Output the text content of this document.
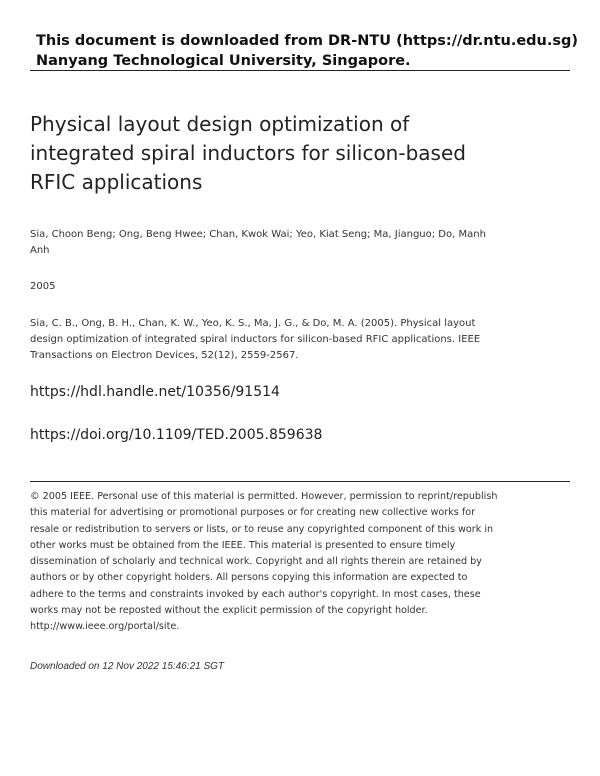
This document is downloaded from DR‑NTU (https://dr.ntu.edu.sg)
Nanyang Technological University, Singapore.
Physical layout design optimization of integrated spiral inductors for silicon‑based RFIC applications
Sia, Choon Beng; Ong, Beng Hwee; Chan, Kwok Wai; Yeo, Kiat Seng; Ma, Jianguo; Do, Manh Anh
2005
Sia, C. B., Ong, B. H., Chan, K. W., Yeo, K. S., Ma, J. G., & Do, M. A. (2005). Physical layout design optimization of integrated spiral inductors for silicon‑based RFIC applications. IEEE Transactions on Electron Devices, 52(12), 2559‑2567.
https://hdl.handle.net/10356/91514
https://doi.org/10.1109/TED.2005.859638
© 2005 IEEE. Personal use of this material is permitted. However, permission to reprint/republish this material for advertising or promotional purposes or for creating new collective works for resale or redistribution to servers or lists, or to reuse any copyrighted component of this work in other works must be obtained from the IEEE. This material is presented to ensure timely dissemination of scholarly and technical work. Copyright and all rights therein are retained by authors or by other copyright holders. All persons copying this information are expected to adhere to the terms and constraints invoked by each author's copyright. In most cases, these works may not be reposted without the explicit permission of the copyright holder. http://www.ieee.org/portal/site.
Downloaded on 12 Nov 2022 15:46:21 SGT
